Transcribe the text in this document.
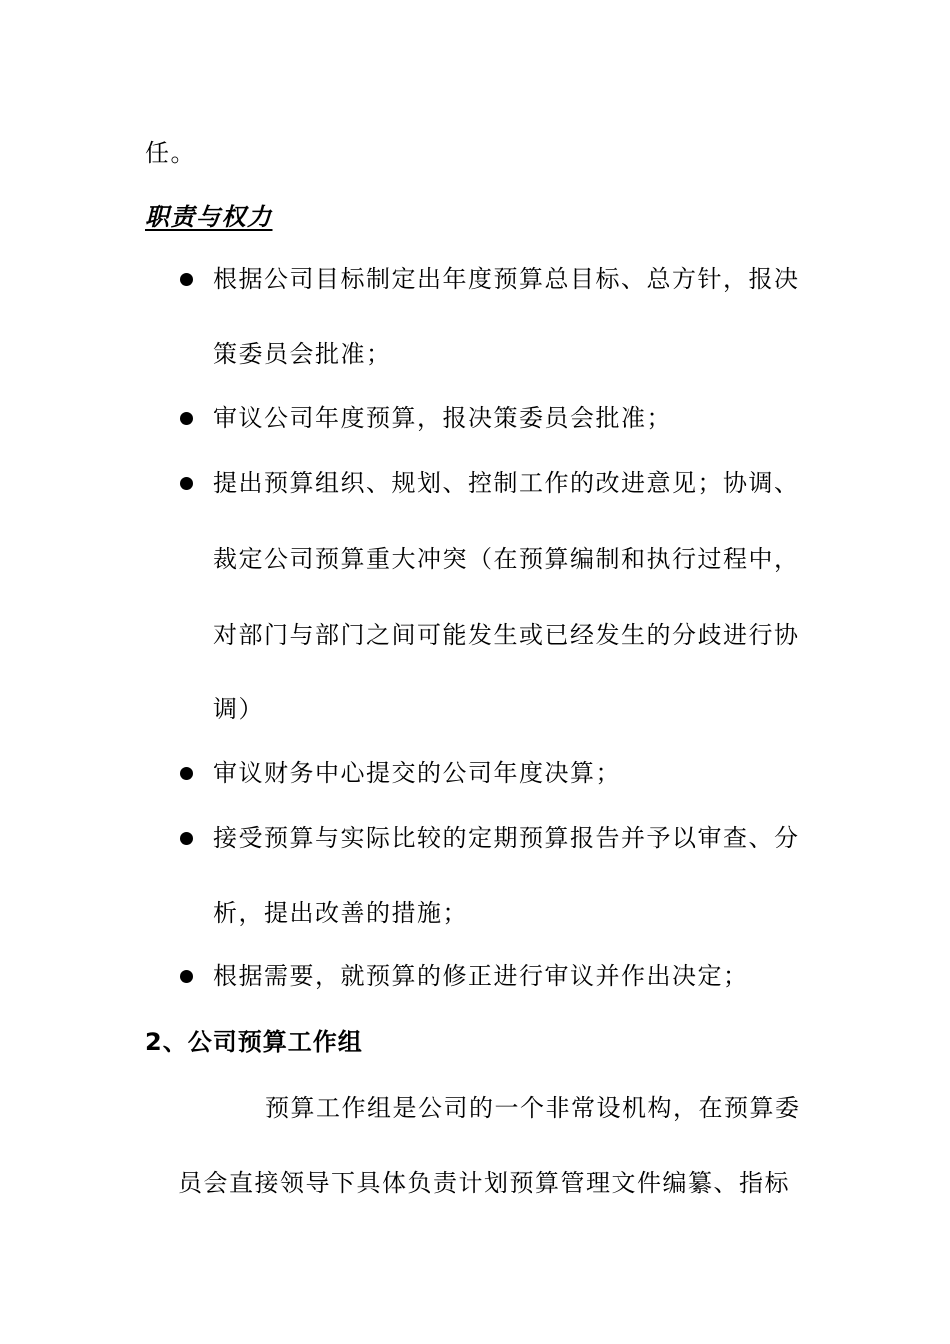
任。
职责与权力
根据公司目标制定出年度预算总目标、总方针，报决
策委员会批准；
审议公司年度预算，报决策委员会批准；
提出预算组织、规划、控制工作的改进意见；协调、
裁定公司预算重大冲突（在预算编制和执行过程中，
对部门与部门之间可能发生或已经发生的分歧进行协
调）
审议财务中心提交的公司年度决算；
接受预算与实际比较的定期预算报告并予以审查、分
析，提出改善的措施；
根据需要，就预算的修正进行审议并作出决定；
2、公司预算工作组
预算工作组是公司的一个非常设机构，在预算委
员会直接领导下具体负责计划预算管理文件编纂、指标
